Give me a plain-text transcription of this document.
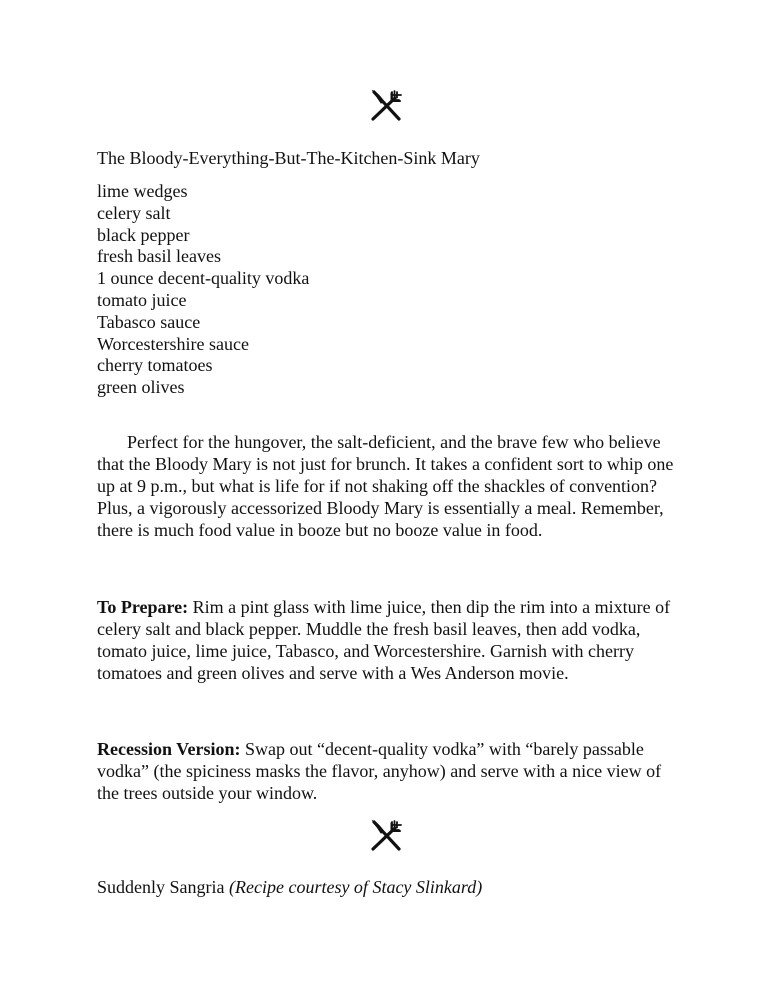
The Bloody-Everything-But-The-Kitchen-Sink Mary
lime wedges
celery salt
black pepper
fresh basil leaves
1 ounce decent-quality vodka
tomato juice
Tabasco sauce
Worcestershire sauce
cherry tomatoes
green olives

Perfect for the hungover, the salt-deficient, and the brave few who believe that the Bloody Mary is not just for brunch. It takes a confident sort to whip one up at 9 p.m., but what is life for if not shaking off the shackles of convention? Plus, a vigorously accessorized Bloody Mary is essentially a meal. Remember, there is much food value in booze but no booze value in food.

To Prepare: Rim a pint glass with lime juice, then dip the rim into a mixture of celery salt and black pepper. Muddle the fresh basil leaves, then add vodka, tomato juice, lime juice, Tabasco, and Worcestershire. Garnish with cherry tomatoes and green olives and serve with a Wes Anderson movie.

Recession Version: Swap out “decent-quality vodka” with “barely passable vodka” (the spiciness masks the flavor, anyhow) and serve with a nice view of the trees outside your window.

Suddenly Sangria (Recipe courtesy of Stacy Slinkard)
